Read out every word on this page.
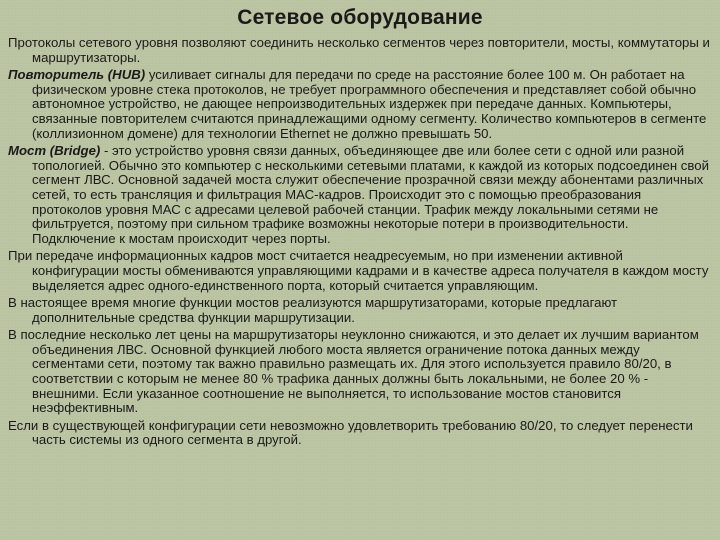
Сетевое оборудование

Протоколы сетевого уровня позволяют соединить несколько сегментов через повторители, мосты, коммутаторы и маршрутизаторы.

Повторитель (HUB) усиливает сигналы для передачи по среде на расстояние более 100 м. Он работает на физическом уровне стека протоколов, не требует программного обеспечения и представляет собой обычно автономное устройство, не дающее непроизводительных издержек при передаче данных. Компьютеры, связанные повторителем считаются принадлежащими одному сегменту. Количество компьютеров в сегменте (коллизионном домене) для технологии Ethernet не должно превышать 50.

Мост (Bridge) - это устройство уровня связи данных, объединяющее две или более сети с одной или разной топологией. Обычно это компьютер с несколькими сетевыми платами, к каждой из которых подсоединен свой сегмент ЛВС. Основной задачей моста служит обеспечение прозрачной связи между абонентами различных сетей, то есть трансляция и фильтрация МАС-кадров. Происходит это с помощью преобразования протоколов уровня МАС с адресами целевой рабочей станции. Трафик между локальными сетями не фильтруется, поэтому при сильном трафике возможны некоторые потери в производительности. Подключение к мостам происходит через порты.

При передаче информационных кадров мост считается неадресуемым, но при изменении активной конфигурации мосты обмениваются управляющими кадрами и в качестве адреса получателя в каждом мосту выделяется адрес одного-единственного порта, который считается управляющим.

В настоящее время многие функции мостов реализуются маршрутизаторами, которые предлагают дополнительные средства функции маршрутизации.

В последние несколько лет цены на маршрутизаторы неуклонно снижаются, и это делает их лучшим вариантом объединения ЛВС. Основной функцией любого моста является ограничение потока данных между сегментами сети, поэтому так важно правильно размещать их. Для этого используется правило 80/20, в соответствии с которым не менее 80 % трафика данных должны быть локальными, не более 20 % - внешними. Если указанное соотношение не выполняется, то использование мостов становится неэффективным.

Если в существующей конфигурации сети невозможно удовлетворить требованию 80/20, то следует перенести часть системы из одного сегмента в другой.
